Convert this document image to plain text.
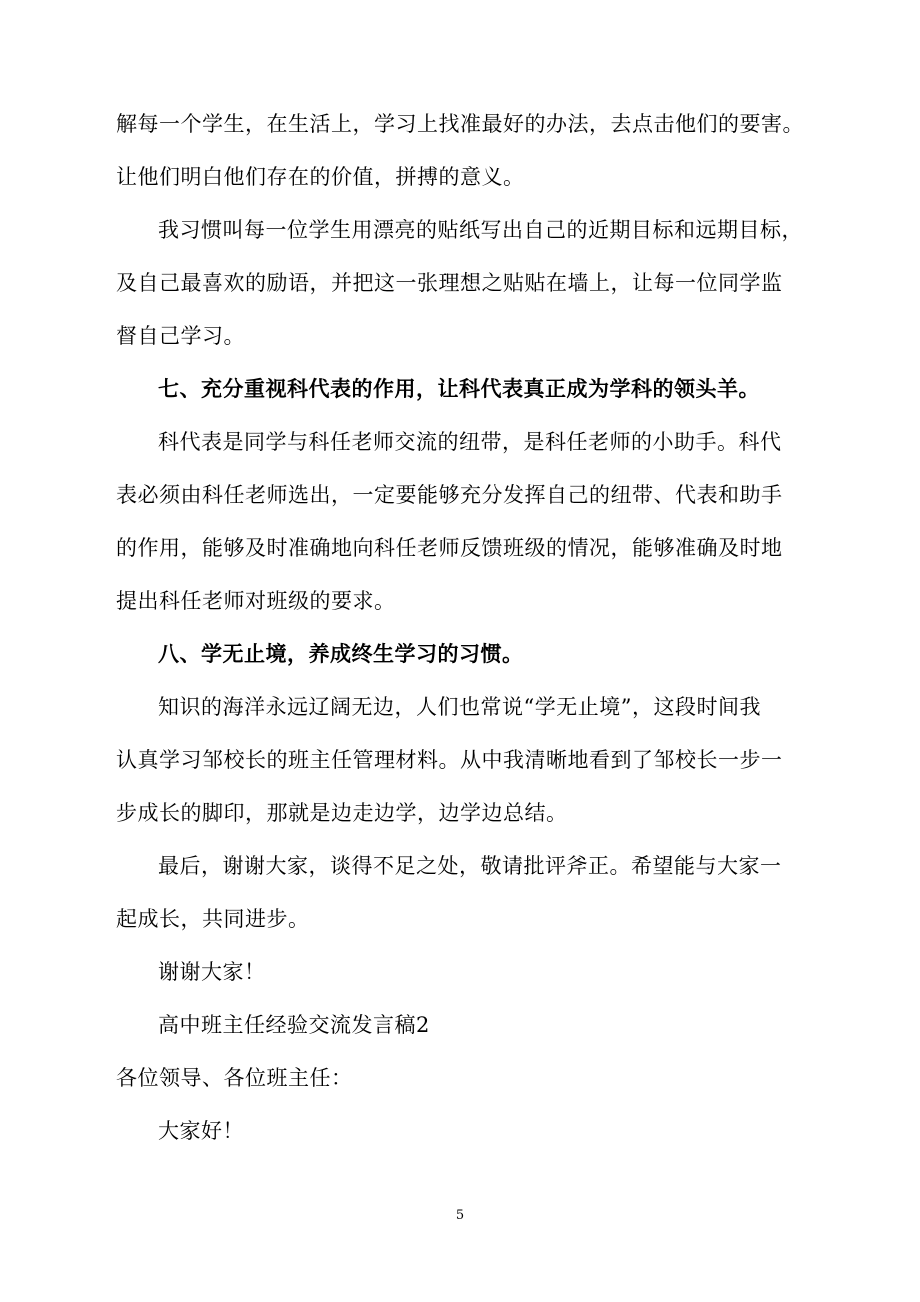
解每一个学生，在生活上，学习上找准最好的办法，去点击他们的要害。
让他们明白他们存在的价值，拼搏的意义。
我习惯叫每一位学生用漂亮的贴纸写出自己的近期目标和远期目标，
及自己最喜欢的励语，并把这一张理想之贴贴在墙上，让每一位同学监
督自己学习。
七、充分重视科代表的作用，让科代表真正成为学科的领头羊。
科代表是同学与科任老师交流的纽带，是科任老师的小助手。科代
表必须由科任老师选出，一定要能够充分发挥自己的纽带、代表和助手
的作用，能够及时准确地向科任老师反馈班级的情况，能够准确及时地
提出科任老师对班级的要求。
八、学无止境，养成终生学习的习惯。
知识的海洋永远辽阔无边，人们也常说“学无止境”，这段时间我
认真学习邹校长的班主任管理材料。从中我清晰地看到了邹校长一步一
步成长的脚印，那就是边走边学，边学边总结。
最后，谢谢大家，谈得不足之处，敬请批评斧正。希望能与大家一
起成长，共同进步。
谢谢大家！
高中班主任经验交流发言稿2
各位领导、各位班主任：
大家好！
5
